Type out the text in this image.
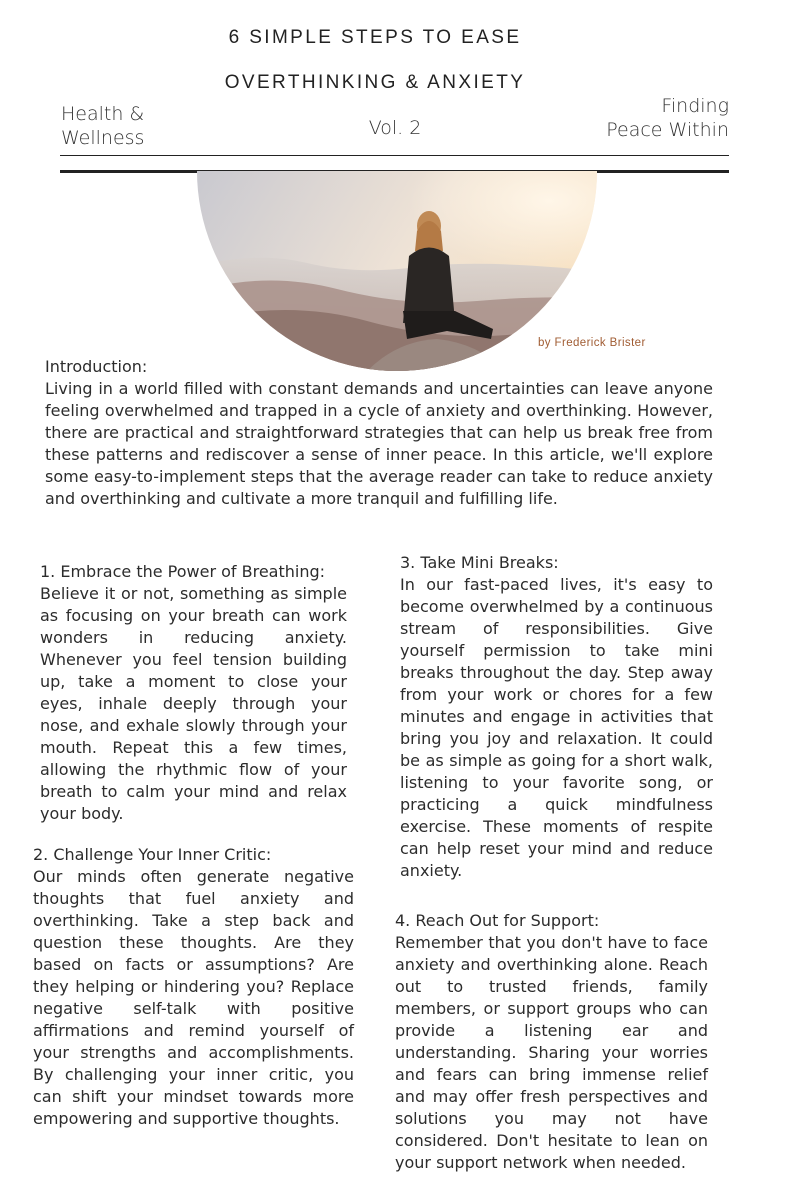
6 SIMPLE STEPS TO EASE
OVERTHINKING & ANXIETY
Health &
Wellness	Vol. 2
Finding
Peace Within
by Frederick Brister
Introduction:
Living in a world filled with constant demands and uncertainties can leave anyone feeling overwhelmed and trapped in a cycle of anxiety and overthinking. However, there are practical and straightforward strategies that can help us break free from these patterns and rediscover a sense of inner peace. In this article, we'll explore some easy-to-implement steps that the average reader can take to reduce anxiety and overthinking and cultivate a more tranquil and fulfilling life.
1. Embrace the Power of Breathing:
Believe it or not, something as simple as focusing on your breath can work wonders in reducing anxiety. Whenever you feel tension building up, take a moment to close your eyes, inhale deeply through your nose, and exhale slowly through your mouth. Repeat this a few times, allowing the rhythmic flow of your breath to calm your mind and relax your body.
2. Challenge Your Inner Critic:
Our minds often generate negative thoughts that fuel anxiety and overthinking. Take a step back and question these thoughts. Are they based on facts or assumptions? Are they helping or hindering you? Replace negative self-talk with positive affirmations and remind yourself of your strengths and accomplishments. By challenging your inner critic, you can shift your mindset towards more empowering and supportive thoughts.
3. Take Mini Breaks:
In our fast-paced lives, it's easy to become overwhelmed by a continuous stream of responsibilities. Give yourself permission to take mini breaks throughout the day. Step away from your work or chores for a few minutes and engage in activities that bring you joy and relaxation. It could be as simple as going for a short walk, listening to your favorite song, or practicing a quick mindfulness exercise. These moments of respite can help reset your mind and reduce anxiety.
4. Reach Out for Support:
Remember that you don't have to face anxiety and overthinking alone. Reach out to trusted friends, family members, or support groups who can provide a listening ear and understanding. Sharing your worries and fears can bring immense relief and may offer fresh perspectives and solutions you may not have considered. Don't hesitate to lean on your support network when needed.
